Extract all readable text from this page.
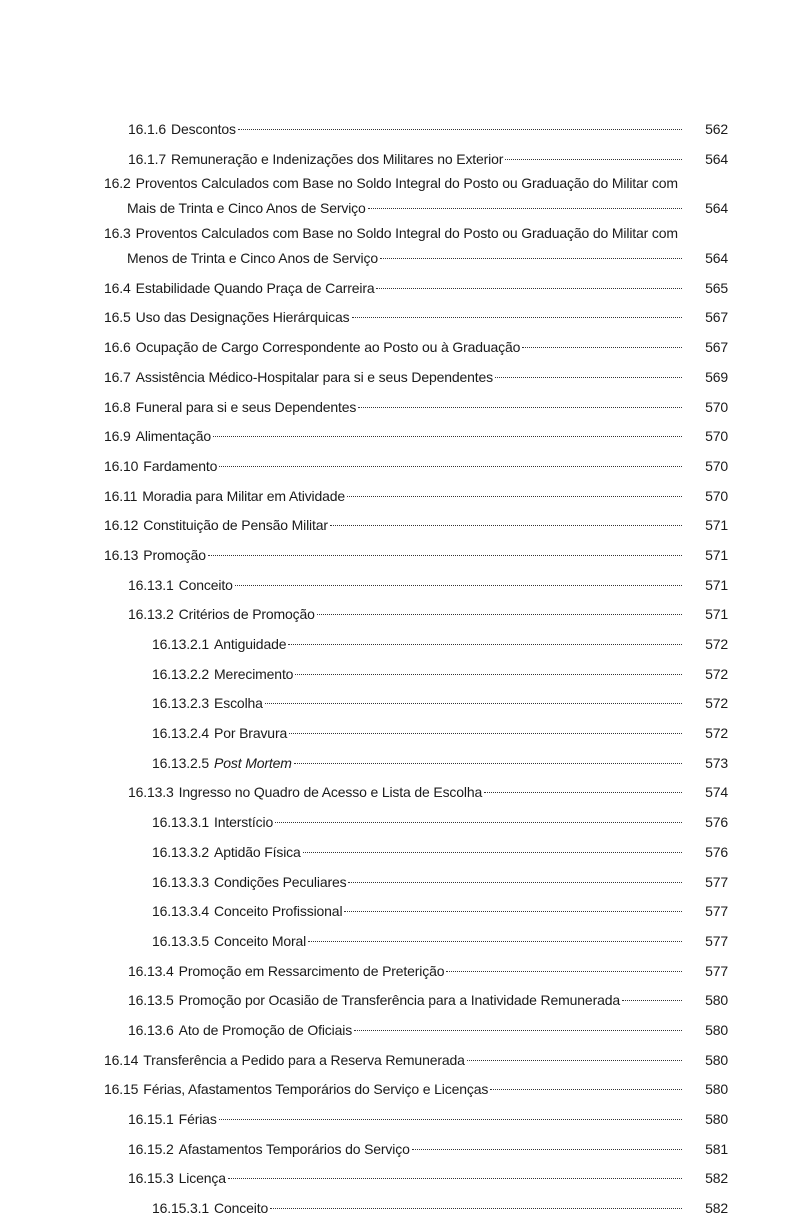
16.1.6 Descontos	562
16.1.7 Remuneração e Indenizações dos Militares no Exterior	564
16.2 Proventos Calculados com Base no Soldo Integral do Posto ou Graduação do Militar com
Mais de Trinta e Cinco Anos de Serviço	564
16.3 Proventos Calculados com Base no Soldo Integral do Posto ou Graduação do Militar com
Menos de Trinta e Cinco Anos de Serviço	564
16.4 Estabilidade Quando Praça de Carreira	565
16.5 Uso das Designações Hierárquicas	567
16.6 Ocupação de Cargo Correspondente ao Posto ou à Graduação	567
16.7 Assistência Médico-Hospitalar para si e seus Dependentes	569
16.8 Funeral para si e seus Dependentes	570
16.9 Alimentação	570
16.10 Fardamento	570
16.11 Moradia para Militar em Atividade	570
16.12 Constituição de Pensão Militar	571
16.13 Promoção	571
16.13.1 Conceito	571
16.13.2 Critérios de Promoção	571
16.13.2.1 Antiguidade	572
16.13.2.2 Merecimento	572
16.13.2.3 Escolha	572
16.13.2.4 Por Bravura	572
16.13.2.5 Post Mortem	573
16.13.3 Ingresso no Quadro de Acesso e Lista de Escolha	574
16.13.3.1 Interstício	576
16.13.3.2 Aptidão Física	576
16.13.3.3 Condições Peculiares	577
16.13.3.4 Conceito Profissional	577
16.13.3.5 Conceito Moral	577
16.13.4 Promoção em Ressarcimento de Preterição	577
16.13.5 Promoção por Ocasião de Transferência para a Inatividade Remunerada	580
16.13.6 Ato de Promoção de Oficiais	580
16.14 Transferência a Pedido para a Reserva Remunerada	580
16.15 Férias, Afastamentos Temporários do Serviço e Licenças	580
16.15.1 Férias	580
16.15.2 Afastamentos Temporários do Serviço	581
16.15.3 Licença	582
16.15.3.1 Conceito	582
